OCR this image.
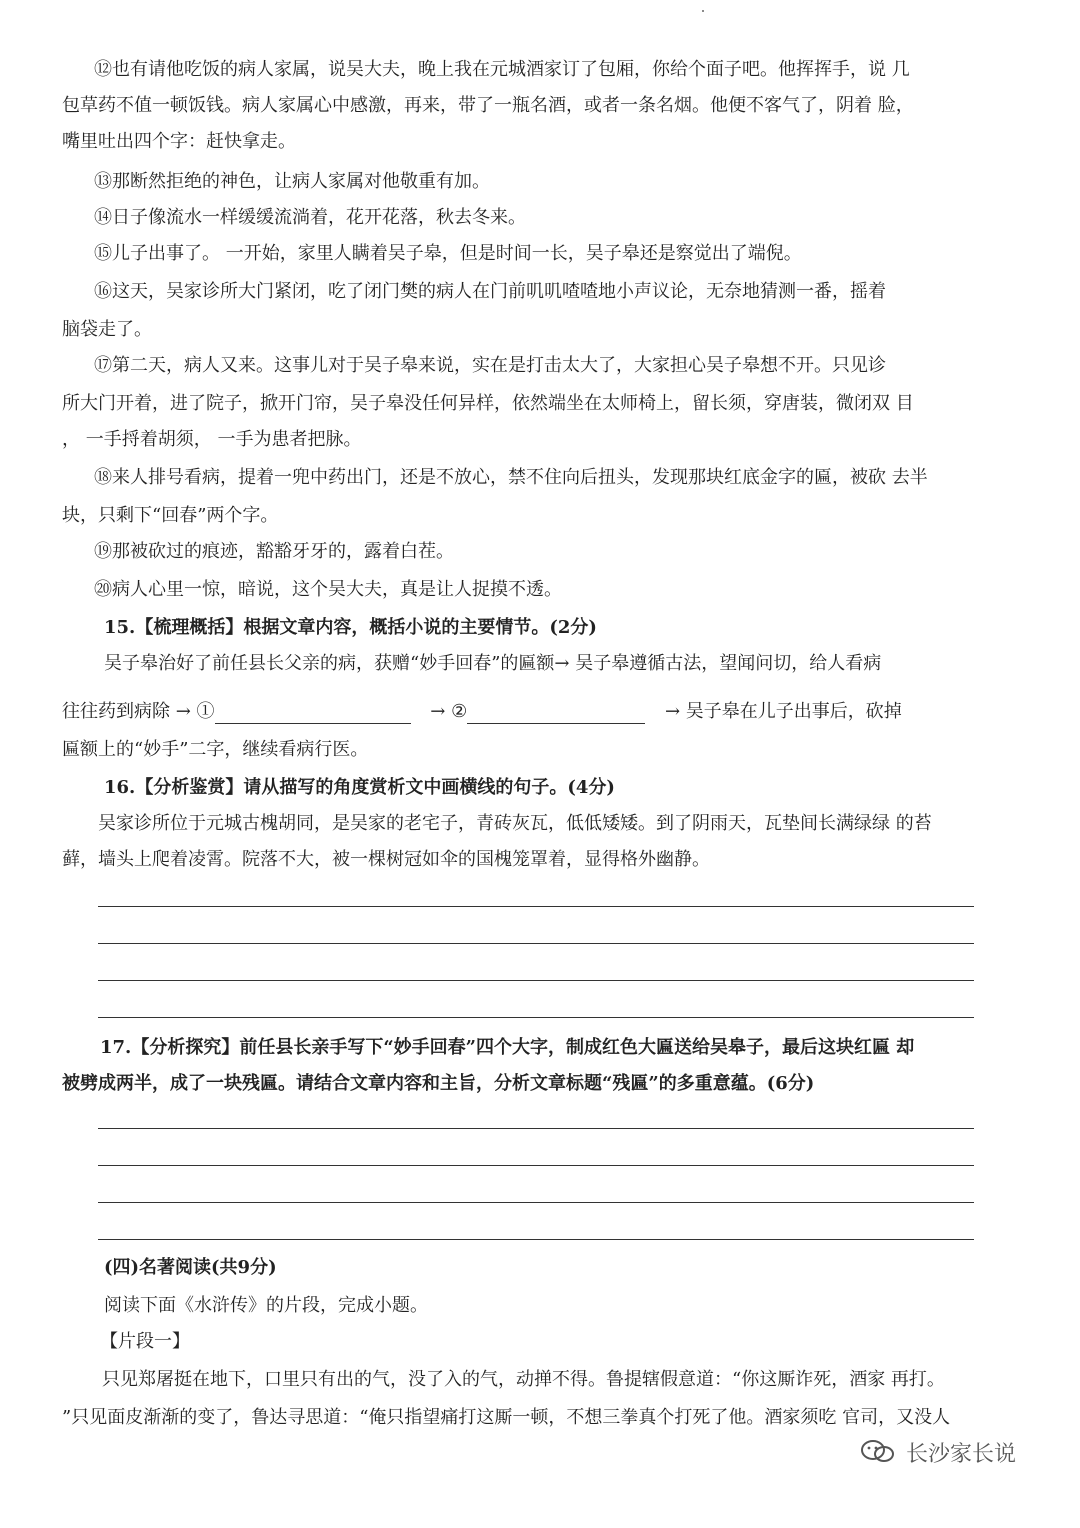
⑫也有请他吃饭的病人家属，说吴大夫，晚上我在元城酒家订了包厢，你给个面子吧。他挥挥手，说 几
包草药不值一顿饭钱。病人家属心中感激，再来，带了一瓶名酒，或者一条名烟。他便不客气了，阴着 脸，
嘴里吐出四个字：赶快拿走。
⑬那断然拒绝的神色，让病人家属对他敬重有加。
⑭日子像流水一样缓缓流淌着，花开花落，秋去冬来。
⑮儿子出事了。 一开始，家里人瞒着吴子皋，但是时间一长，吴子皋还是察觉出了端倪。
⑯这天，吴家诊所大门紧闭，吃了闭门樊的病人在门前叽叽喳喳地小声议论，无奈地猜测一番，摇着
脑袋走了。
⑰第二天，病人又来。这事儿对于吴子皋来说，实在是打击太大了，大家担心吴子皋想不开。只见诊
所大门开着，进了院子，掀开门帘，吴子皋没任何异样，依然端坐在太师椅上，留长须，穿唐装，微闭双 目
， 一手捋着胡须， 一手为患者把脉。
⑱来人排号看病，提着一兜中药出门，还是不放心，禁不住向后扭头，发现那块红底金字的匾，被砍 去半
块，只剩下“回春”两个字。
⑲那被砍过的痕迹，豁豁牙牙的，露着白茬。
⑳病人心里一惊，暗说，这个吴大夫，真是让人捉摸不透。
15.【梳理概括】根据文章内容，概括小说的主要情节。(2分)
吴子皋治好了前任县长父亲的病，获赠“妙手回春”的匾额→ 吴子皋遵循古法，望闻问切，给人看病
往往药到病除 → ①	→ ②	→ 吴子皋在儿子出事后，砍掉
匾额上的“妙手”二字，继续看病行医。
16.【分析鉴赏】请从描写的角度赏析文中画横线的句子。(4分)
吴家诊所位于元城古槐胡同，是吴家的老宅子，青砖灰瓦，低低矮矮。到了阴雨天，瓦垫间长满绿绿 的苔
藓，墙头上爬着凌霄。院落不大，被一棵树冠如伞的国槐笼罩着，显得格外幽静。
17.【分析探究】前任县长亲手写下“妙手回春”四个大字，制成红色大匾送给吴皋子，最后这块红匾 却
被劈成两半，成了一块残匾。请结合文章内容和主旨，分析文章标题“残匾”的多重意蕴。(6分)
(四)名著阅读(共9分)
阅读下面《水浒传》的片段，完成小题。
【片段一】
只见郑屠挺在地下，口里只有出的气，没了入的气，动掸不得。鲁提辖假意道：“你这厮诈死，酒家 再打。
”只见面皮渐渐的变了，鲁达寻思道：“俺只指望痛打这厮一顿，不想三拳真个打死了他。酒家须吃 官司，又没人
长沙家长说
